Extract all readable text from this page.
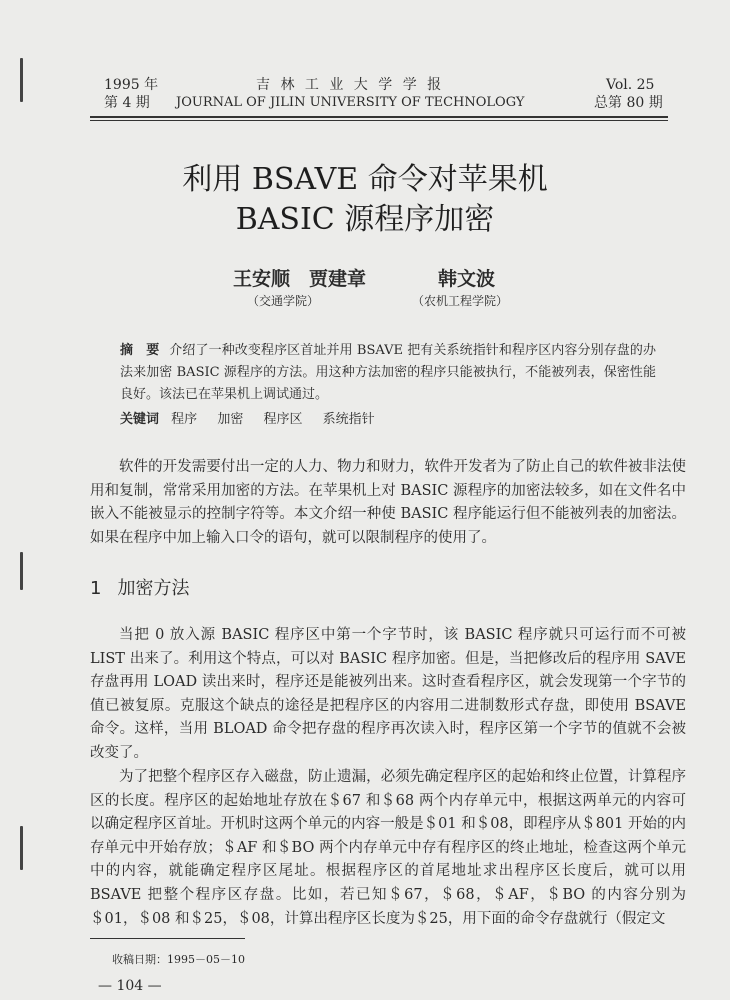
1995 年
第 4 期
吉 林 工 业 大 学 学 报
JOURNAL OF JILIN UNIVERSITY OF TECHNOLOGY
Vol. 25
总第 80 期
利用 BSAVE 命令对苹果机
BASIC 源程序加密
王安顺　贾建章	韩文波
（交通学院）	（农机工程学院）
摘　要 介绍了一种改变程序区首址并用 BSAVE 把有关系统指针和程序区内容分别存盘的办法来加密 BASIC 源程序的方法。用这种方法加密的程序只能被执行，不能被列表，保密性能良好。该法已在苹果机上调试通过。
关键词 程序 加密 程序区 系统指针
软件的开发需要付出一定的人力、物力和财力，软件开发者为了防止自己的软件被非法使用和复制，常常采用加密的方法。在苹果机上对 BASIC 源程序的加密法较多，如在文件名中嵌入不能被显示的控制字符等。本文介绍一种使 BASIC 程序能运行但不能被列表的加密法。如果在程序中加上输入口令的语句，就可以限制程序的使用了。
1 加密方法
当把 0 放入源 BASIC 程序区中第一个字节时，该 BASIC 程序就只可运行而不可被 LIST 出来了。利用这个特点，可以对 BASIC 程序加密。但是，当把修改后的程序用 SAVE 存盘再用 LOAD 读出来时，程序还是能被列出来。这时查看程序区，就会发现第一个字节的值已被复原。克服这个缺点的途径是把程序区的内容用二进制数形式存盘，即使用 BSAVE 命令。这样，当用 BLOAD 命令把存盘的程序再次读入时，程序区第一个字节的值就不会被改变了。
为了把整个程序区存入磁盘，防止遗漏，必须先确定程序区的起始和终止位置，计算程序区的长度。程序区的起始地址存放在＄67 和＄68 两个内存单元中，根据这两单元的内容可以确定程序区首址。开机时这两个单元的内容一般是＄01 和＄08，即程序从＄801 开始的内存单元中开始存放；＄AF 和＄BO 两个内存单元中存有程序区的终止地址，检查这两个单元中的内容，就能确定程序区尾址。根据程序区的首尾地址求出程序区长度后，就可以用 BSAVE 把整个程序区存盘。比如，若已知＄67，＄68，＄AF，＄BO 的内容分别为＄01，＄08 和＄25，＄08，计算出程序区长度为＄25，用下面的命令存盘就行（假定文
收稿日期：1995－05－10
— 104 —
